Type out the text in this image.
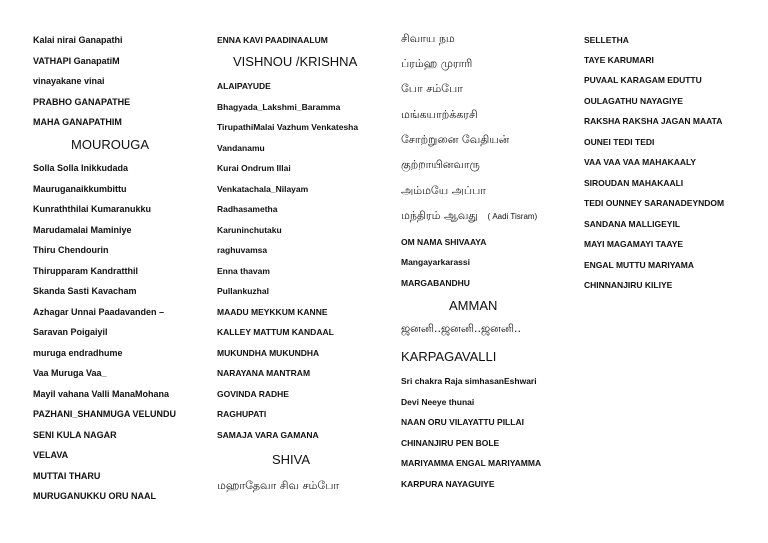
Kalai nirai Ganapathi
VATHAPI GanapatiM
vinayakane vinai
PRABHO GANAPATHE
MAHA GANAPATHIM
MOUROUGA
Solla Solla Inikkudada
Mauruganaikkumbittu
Kunraththilai Kumaranukku
Marudamalai Maminiye
Thiru Chendourin
Thirupparam Kandratthil
Skanda Sasti Kavacham
Azhagar Unnai Paadavanden –
Saravan Poigaiyil
muruga endradhume
Vaa Muruga Vaa_
Mayil vahana Valli ManaMohana
PAZHANI_SHANMUGA VELUNDU
SENI KULA NAGAR
VELAVA
MUTTAI THARU
MURUGANUKKU ORU NAAL
ENNA KAVI PAADINAALUM
VISHNOU /KRISHNA
ALAIPAYUDE
Bhagyada_Lakshmi_Baramma
TirupathiMalai Vazhum Venkatesha
Vandanamu
Kurai Ondrum Illai
Venkatachala_Nilayam
Radhasametha
Karuninchutaku
raghuvamsa
Enna thavam
Pullankuzhal
MAADU MEYKKUM KANNE
KALLEY MATTUM KANDAAL
MUKUNDHA MUKUNDHA
NARAYANA MANTRAM
GOVINDA RADHE
RAGHUPATI
SAMAJA VARA GAMANA
SHIVA
மஹாதேவா சிவ சம்போ
சிவாய நம
ப்ரம்ஹ முராரி
போ சம்போ
மங்கயாற்க்கரசி
சோற்றுனை வேதியன்
குற்றாயினவாரு
அம்மயே அப்பா
மந்திரம் ஆவது ( Aadi Tisram)
OM NAMA SHIVAAYA
Mangayarkarassi
MARGABANDHU
AMMAN
ஜனனி..ஜனனி..ஜனனி..
KARPAGAVALLI
Sri chakra Raja simhasanEshwari
Devi Neeye thunai
NAAN ORU VILAYATTU PILLAI
CHINANJIRU PEN BOLE
MARIYAMMA ENGAL MARIYAMMA
KARPURA NAYAGUIYE
SELLETHA
TAYE KARUMARI
PUVAAL KARAGAM EDUTTU
OULAGATHU NAYAGIYE
RAKSHA RAKSHA JAGAN MAATA
OUNEI TEDI TEDI
VAA VAA VAA MAHAKAALY
SIROUDAN MAHAKAALI
TEDI OUNNEY SARANADEYNDOM
SANDANA MALLIGEYIL
MAYI MAGAMAYI TAAYE
ENGAL MUTTU MARIYAMA
CHINNANJIRU KILIYE
